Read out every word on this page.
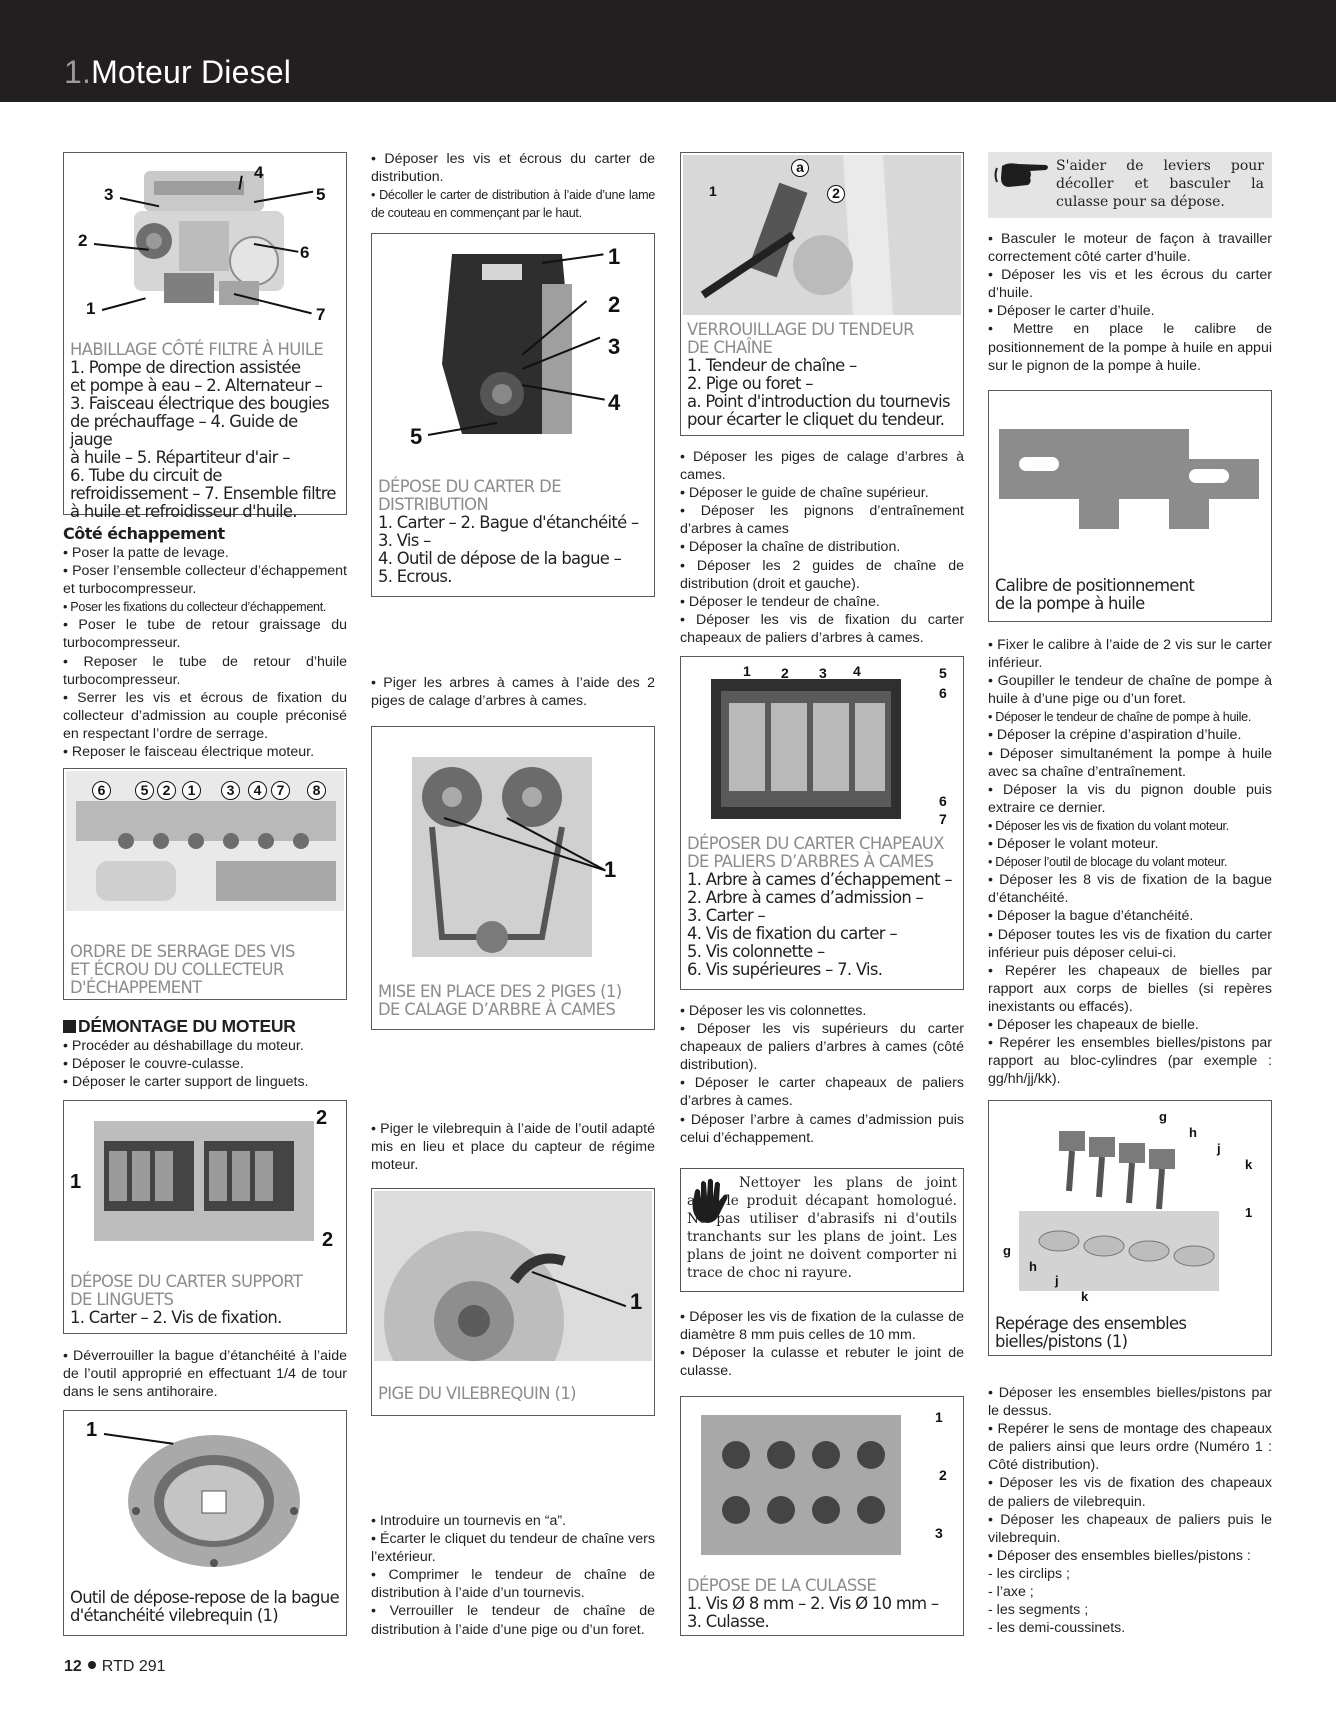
1.Moteur Diesel
4
3	5
2
6
1	7
HABILLAGE CÔTÉ FILTRE À HUILE
1. Pompe de direction assistée
et pompe à eau – 2. Alternateur –
3. Faisceau électrique des bougies
de préchauffage – 4. Guide de jauge
à huile – 5. Répartiteur d'air –
6. Tube du circuit de
refroidissement – 7. Ensemble filtre
à huile et refroidisseur d'huile.
Côté échappement

• Poser la patte de levage.

• Poser l’ensemble collecteur d’échappement et turbocompresseur.

• Poser les fixations du collecteur d’échappement.

• Poser le tube de retour graissage du turbocompresseur.

• Reposer le tube de retour d’huile turbocompresseur.

• Serrer les vis et écrous de fixation du collecteur d’admission au couple préconisé en respectant l’ordre de serrage.

• Reposer le faisceau électrique moteur.

6	5	2	1	3	4	7	8
ORDRE DE SERRAGE DES VIS
ET ÉCROU DU COLLECTEUR
D'ÉCHAPPEMENT
DÉMONTAGE DU MOTEUR

• Procéder au déshabillage du moteur.

• Déposer le couvre-culasse.

• Déposer le carter support de linguets.

2
1
2
DÉPOSE DU CARTER SUPPORT
DE LINGUETS
1. Carter – 2. Vis de fixation.

• Déverrouiller la bague d’étanchéité à l’aide de l’outil approprié en effectuant 1/4 de tour dans le sens antihoraire.

1
Outil de dépose-repose de la bague
d'étanchéité vilebrequin (1)

• Déposer les vis et écrous du carter de distribution.

• Décoller le carter de distribution à l’aide d’une lame de couteau en commençant par le haut.

1
2
3
4
5
DÉPOSE DU CARTER DE
DISTRIBUTION
1. Carter – 2. Bague d'étanchéité –
3. Vis –
4. Outil de dépose de la bague –
5. Ecrous.

• Piger les arbres à cames à l’aide des 2 piges de calage d’arbres à cames.

1
MISE EN PLACE DES 2 PIGES (1)
DE CALAGE D’ARBRE À CAMES

• Piger le vilebrequin à l’aide de l’outil adapté mis en lieu et place du capteur de régime moteur.

1
PIGE DU VILEBREQUIN (1)

• Introduire un tournevis en “a”.

• Écarter le cliquet du tendeur de chaîne vers l’extérieur.

• Comprimer le tendeur de chaîne de distribution à l’aide d’un tournevis.

• Verrouiller le tendeur de chaîne de distribution à l’aide d’une pige ou d’un foret.

a
1	2
VERROUILLAGE DU TENDEUR
DE CHAÎNE
1. Tendeur de chaîne –
2. Pige ou foret –
a. Point d'introduction du tournevis
pour écarter le cliquet du tendeur.

• Déposer les piges de calage d’arbres à cames.

• Déposer le guide de chaîne supérieur.

• Déposer les pignons d’entraînement d’arbres à cames

• Déposer la chaîne de distribution.

• Déposer les 2 guides de chaîne de distribution (droit et gauche).

• Déposer le tendeur de chaîne.

• Déposer les vis de fixation du carter chapeaux de paliers d’arbres à cames.

1 2 3 4	5
6
6
7
DÉPOSER DU CARTER CHAPEAUX
DE PALIERS D’ARBRES À CAMES
1. Arbre à cames d’échappement –
2. Arbre à cames d’admission –
3. Carter –
4. Vis de fixation du carter –
5. Vis colonnette –
6. Vis supérieures – 7. Vis.

• Déposer les vis colonnettes.

• Déposer les vis supérieurs du carter chapeaux de paliers d’arbres à cames (côté distribution).

• Déposer le carter chapeaux de paliers d’arbres à cames.

• Déposer l’arbre à cames d’admission puis celui d’échappement.

Nettoyer les plans de joint avec le produit décapant homologué. Ne pas utiliser d'abrasifs ni d'outils tranchants sur les plans de joint. Les plans de joint ne doivent comporter ni trace de choc ni rayure.

• Déposer les vis de fixation de la culasse de diamètre 8 mm puis celles de 10 mm.

• Déposer la culasse et rebuter le joint de culasse.

1
2
3
DÉPOSE DE LA CULASSE
1. Vis Ø 8 mm – 2. Vis Ø 10 mm –
3. Culasse.
S'aider de leviers pour décoller et basculer la culasse pour sa dépose.

• Basculer le moteur de façon à travailler correctement côté carter d’huile.

• Déposer les vis et les écrous du carter d’huile.

• Déposer le carter d’huile.

• Mettre en place le calibre de positionnement de la pompe à huile en appui sur le pignon de la pompe à huile.

Calibre de positionnement
de la pompe à huile

• Fixer le calibre à l’aide de 2 vis sur le carter inférieur.

• Goupiller le tendeur de chaîne de pompe à huile à d’une pige ou d’un foret.

• Déposer le tendeur de chaîne de pompe à huile.

• Déposer la crépine d’aspiration d’huile.

• Déposer simultanément la pompe à huile avec sa chaîne d’entraînement.

• Déposer la vis du pignon double puis extraire ce dernier.

• Déposer les vis de fixation du volant moteur.

• Déposer le volant moteur.

• Déposer l’outil de blocage du volant moteur.

• Déposer les 8 vis de fixation de la bague d’étanchéité.

• Déposer la bague d’étanchéité.

• Déposer toutes les vis de fixation du carter inférieur puis déposer celui-ci.

• Repérer les chapeaux de bielles par rapport aux corps de bielles (si repères inexistants ou effacés).

• Déposer les chapeaux de bielle.

• Repérer les ensembles bielles/pistons par rapport au bloc-cylindres (par exemple : gg/hh/jj/kk).

g
h
j
k
1
g
h
j
k
Repérage des ensembles
bielles/pistons (1)

• Déposer les ensembles bielles/pistons par le dessus.

• Repérer le sens de montage des chapeaux de paliers ainsi que leurs ordre (Numéro 1 : Côté distribution).

• Déposer les vis de fixation des chapeaux de paliers de vilebrequin.

• Déposer les chapeaux de paliers puis le vilebrequin.

• Déposer des ensembles bielles/pistons :

- les circlips ;

- l’axe ;

- les segments ;

- les demi-coussinets.

12 RTD 291
